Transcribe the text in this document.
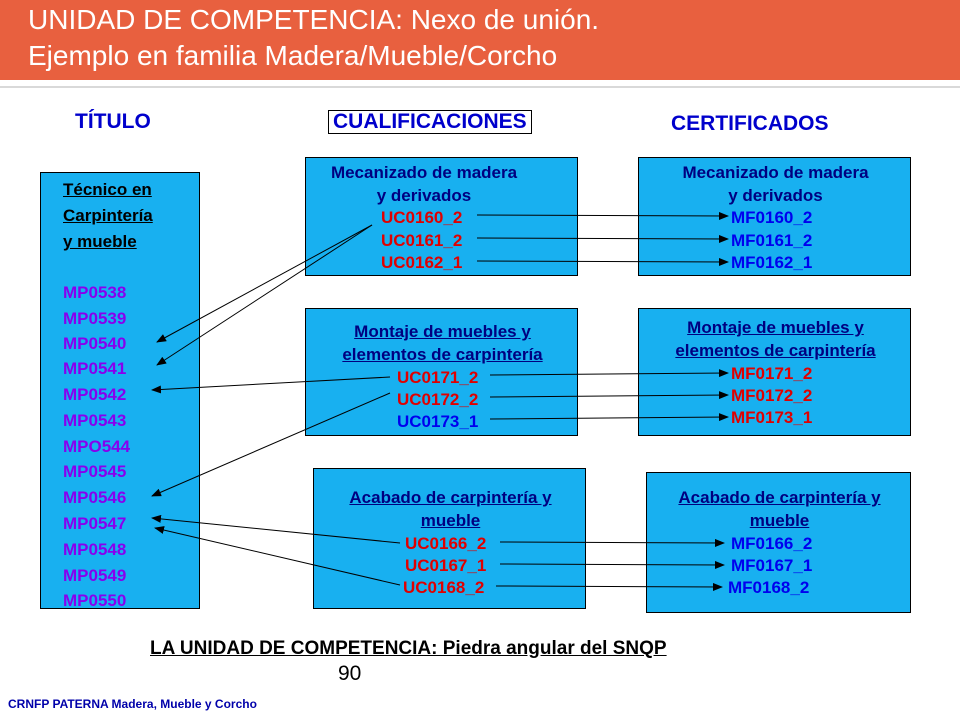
UNIDAD DE COMPETENCIA: Nexo de unión.
Ejemplo en familia Madera/Mueble/Corcho
TÍTULO	CUALIFICACIONES	CERTIFICADOS
Técnico en
Carpintería
y mueble
MP0538
MP0539
MP0540
MP0541
MP0542
MP0543
MPO544
MP0545
MP0546
MP0547
MP0548
MP0549
MP0550
Mecanizado de madera
y derivados
UC0160_2
UC0161_2
UC0162_1
Montaje de muebles y
elementos de carpintería
UC0171_2
UC0172_2
UC0173_1
Acabado de carpintería y
mueble
UC0166_2
UC0167_1
UC0168_2
Mecanizado de madera
y derivados
MF0160_2
MF0161_2
MF0162_1
Montaje de muebles y
elementos de carpintería
MF0171_2
MF0172_2
MF0173_1
Acabado de carpintería y
mueble
MF0166_2
MF0167_1
MF0168_2
LA UNIDAD DE COMPETENCIA: Piedra angular del SNQP
90
CRNFP PATERNA Madera, Mueble y Corcho
